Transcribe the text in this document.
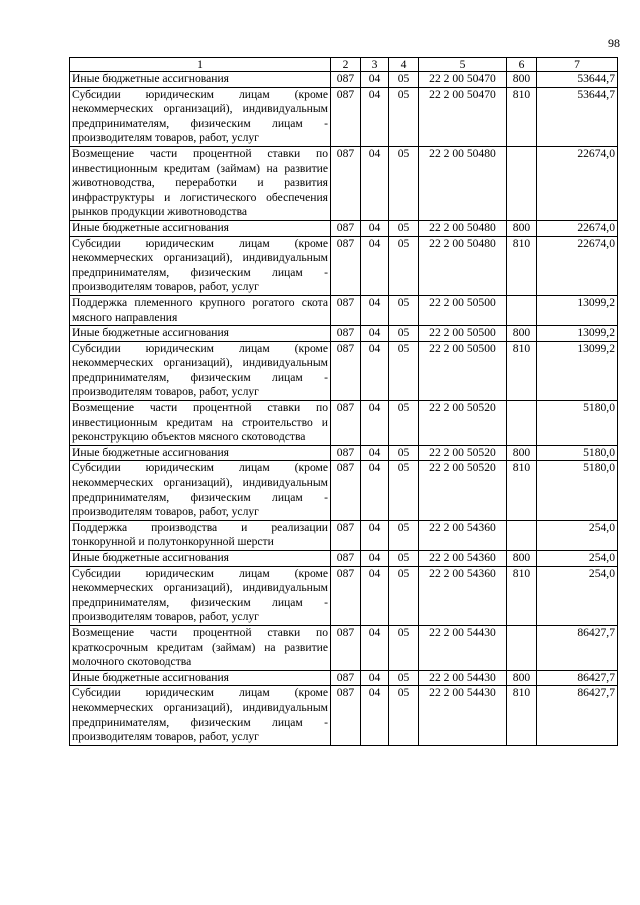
98
1	2	3	4	5	6	7
Иные бюджетные ассигнования	087	04	05	22 2 00 50470	800	53644,7
Субсидии юридическим лицам (кроме некоммерческих организаций), индивидуальным предпринимателям, физическим лицам - производителям товаров, работ, услуг	087	04	05	22 2 00 50470	810	53644,7
Возмещение части процентной ставки по инвестиционным кредитам (займам) на развитие животноводства, переработки и развития инфраструктуры и логистического обеспечения рынков продукции животноводства	087	04	05	22 2 00 50480		22674,0
Иные бюджетные ассигнования	087	04	05	22 2 00 50480	800	22674,0
Субсидии юридическим лицам (кроме некоммерческих организаций), индивидуальным предпринимателям, физическим лицам - производителям товаров, работ, услуг	087	04	05	22 2 00 50480	810	22674,0
Поддержка племенного крупного рогатого скота мясного направления	087	04	05	22 2 00 50500		13099,2
Иные бюджетные ассигнования	087	04	05	22 2 00 50500	800	13099,2
Субсидии юридическим лицам (кроме некоммерческих организаций), индивидуальным предпринимателям, физическим лицам - производителям товаров, работ, услуг	087	04	05	22 2 00 50500	810	13099,2
Возмещение части процентной ставки по инвестиционным кредитам на строительство и реконструкцию объектов мясного скотоводства	087	04	05	22 2 00 50520		5180,0
Иные бюджетные ассигнования	087	04	05	22 2 00 50520	800	5180,0
Субсидии юридическим лицам (кроме некоммерческих организаций), индивидуальным предпринимателям, физическим лицам - производителям товаров, работ, услуг	087	04	05	22 2 00 50520	810	5180,0
Поддержка производства и реализации тонкорунной и полутонкорунной шерсти	087	04	05	22 2 00 54360		254,0
Иные бюджетные ассигнования	087	04	05	22 2 00 54360	800	254,0
Субсидии юридическим лицам (кроме некоммерческих организаций), индивидуальным предпринимателям, физическим лицам - производителям товаров, работ, услуг	087	04	05	22 2 00 54360	810	254,0
Возмещение части процентной ставки по краткосрочным кредитам (займам) на развитие молочного скотоводства	087	04	05	22 2 00 54430		86427,7
Иные бюджетные ассигнования	087	04	05	22 2 00 54430	800	86427,7
Субсидии юридическим лицам (кроме некоммерческих организаций), индивидуальным предпринимателям, физическим лицам - производителям товаров, работ, услуг	087	04	05	22 2 00 54430	810	86427,7
